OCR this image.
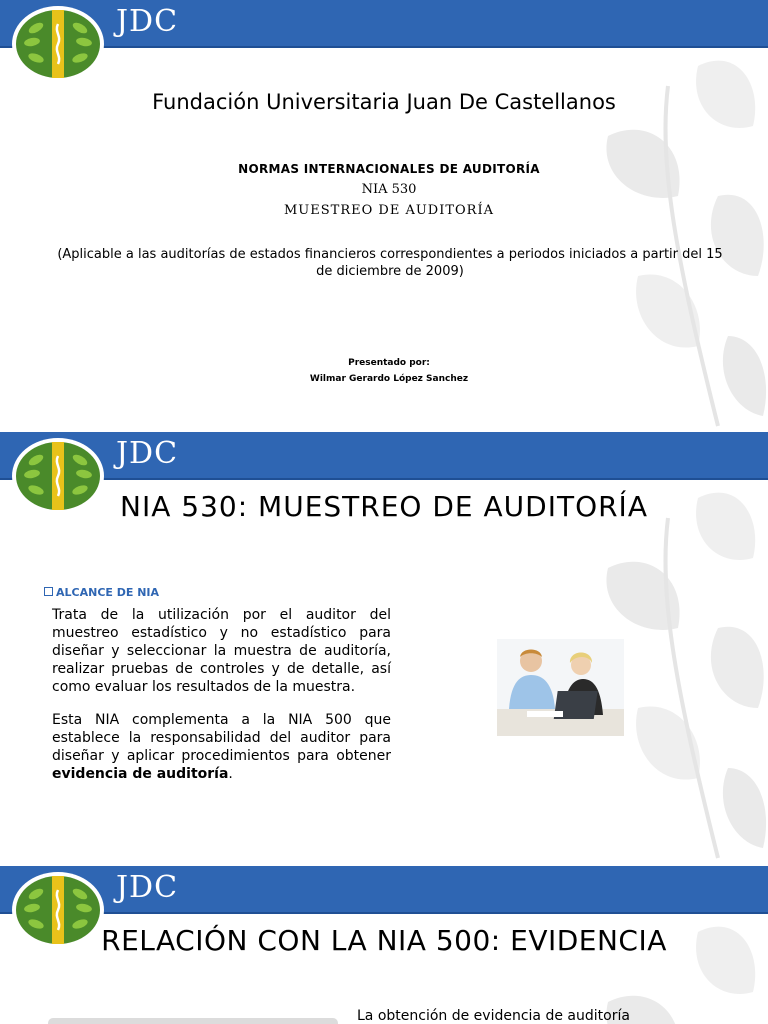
JDC
Fundación Universitaria Juan De Castellanos
NORMAS INTERNACIONALES DE AUDITORÍA
NIA 530
MUESTREO DE AUDITORÍA
(Aplicable a las auditorías de estados financieros correspondientes a periodos iniciados a partir del 15 de diciembre de 2009)
Presentado por:
Wilmar Gerardo López Sanchez
JDC
NIA 530: MUESTREO DE AUDITORÍA
ALCANCE DE NIA
Trata de la utilización por el auditor del muestreo estadístico y no estadístico para diseñar y seleccionar la muestra de auditoría, realizar pruebas de controles y de detalle, así como evaluar los resultados de la muestra.
Esta NIA complementa a la NIA 500 que establece la responsabilidad del auditor para diseñar y aplicar procedimientos para obtener evidencia de auditoría.
JDC
RELACIÓN CON LA NIA 500: EVIDENCIA
La obtención de evidencia de auditoría
